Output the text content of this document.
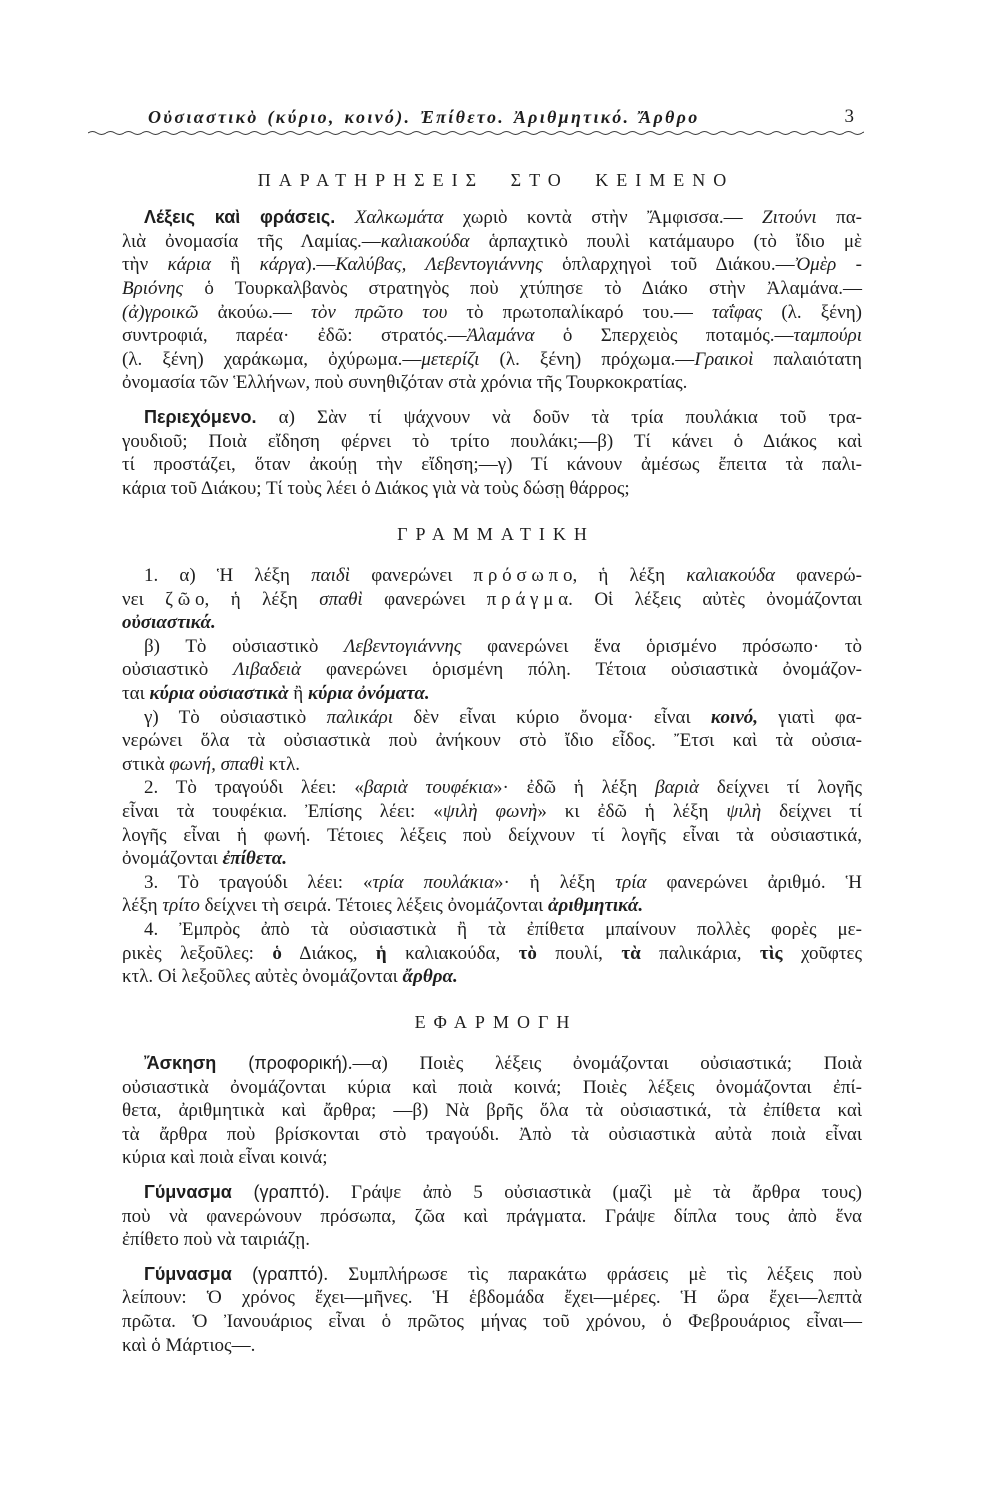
Οὐσιαστικὸ (κύριο, κοινό). Ἐπίθετο. Ἀριθμητικό. Ἄρθρο	3
ΠΑΡΑΤΗΡΗΣΕΙΣ ΣΤΟ ΚΕΙΜΕΝΟ
Λέξεις καὶ φράσεις. Χαλκωμάτα χωριὸ κοντὰ στὴν Ἄμφισσα.— Ζιτούνι πα-
λιὰ ὀνομασία τῆς Λαμίας.—καλιακούδα ἁρπαχτικὸ πουλὶ κατάμαυρο (τὸ ἴδιο μὲ
τὴν κάρια ἢ κάργα).—Καλύβας, Λεβεντογιάννης ὁπλαρχηγοὶ τοῦ Διάκου.—Ὀμὲρ -
Βριόνης ὁ Τουρκαλβανὸς στρατηγὸς ποὺ χτύπησε τὸ Διάκο στὴν Ἀλαμάνα.—
(ἀ)γροικῶ ἀκούω.— τὸν πρῶτο του τὸ πρωτοπαλίκαρό του.— ταΐφας (λ. ξένη)
συντροφιά, παρέα· ἐδῶ: στρατός.—Ἀλαμάνα ὁ Σπερχειὸς ποταμός.—ταμπούρι
(λ. ξένη) χαράκωμα, ὀχύρωμα.—μετερίζι (λ. ξένη) πρόχωμα.—Γραικοὶ παλαιότατη
ὀνομασία τῶν Ἑλλήνων, ποὺ συνηθιζόταν στὰ χρόνια τῆς Τουρκοκρατίας.
Περιεχόμενο. α) Σὰν τί ψάχνουν νὰ δοῦν τὰ τρία πουλάκια τοῦ τρα-
γουδιοῦ; Ποιὰ εἴδηση φέρνει τὸ τρίτο πουλάκι;—β) Τί κάνει ὁ Διάκος καὶ
τί προστάζει, ὅταν ἀκούῃ τὴν εἴδηση;—γ) Τί κάνουν ἀμέσως ἔπειτα τὰ παλι-
κάρια τοῦ Διάκου; Τί τοὺς λέει ὁ Διάκος γιὰ νὰ τοὺς δώσῃ θάρρος;
ΓΡΑΜΜΑΤΙΚΗ
1. α) Ἡ λέξη παιδὶ φανερώνει π ρ ό σ ω π ο, ἡ λέξη καλιακούδα φανερώ-
νει ζ ῶ ο, ἡ λέξη σπαθὶ φανερώνει π ρ ά γ μ α. Οἱ λέξεις αὐτὲς ὀνομάζονται
οὐσιαστικά.
β) Τὸ οὐσιαστικὸ Λεβεντογιάννης φανερώνει ἕνα ὁρισμένο πρόσωπο· τὸ
οὐσιαστικὸ Λιβαδειὰ φανερώνει ὁρισμένη πόλη. Τέτοια οὐσιαστικὰ ὀνομάζον-
ται κύρια οὐσιαστικὰ ἢ κύρια ὀνόματα.
γ) Τὸ οὐσιαστικὸ παλικάρι δὲν εἶναι κύριο ὄνομα· εἶναι κοινό, γιατὶ φα-
νερώνει ὅλα τὰ οὐσιαστικὰ ποὺ ἀνήκουν στὸ ἴδιο εἶδος. Ἔτσι καὶ τὰ οὐσια-
στικὰ φωνή, σπαθὶ κτλ.
2. Τὸ τραγούδι λέει: «βαριὰ τουφέκια»· ἐδῶ ἡ λέξη βαριὰ δείχνει τί λογῆς
εἶναι τὰ τουφέκια. Ἐπίσης λέει: «ψιλὴ φωνὴ» κι ἐδῶ ἡ λέξη ψιλὴ δείχνει τί
λογῆς εἶναι ἡ φωνή. Τέτοιες λέξεις ποὺ δείχνουν τί λογῆς εἶναι τὰ οὐσιαστικά,
ὀνομάζονται ἐπίθετα.
3. Τὸ τραγούδι λέει: «τρία πουλάκια»· ἡ λέξη τρία φανερώνει ἀριθμό. Ἡ
λέξη τρίτο δείχνει τὴ σειρά. Τέτοιες λέξεις ὀνομάζονται ἀριθμητικά.
4. Ἐμπρὸς ἀπὸ τὰ οὐσιαστικὰ ἢ τὰ ἐπίθετα μπαίνουν πολλὲς φορὲς με-
ρικὲς λεξοῦλες: ὁ Διάκος, ἡ καλιακούδα, τὸ πουλί, τὰ παλικάρια, τὶς χοῦφτες
κτλ. Οἱ λεξοῦλες αὐτὲς ὀνομάζονται ἄρθρα.
ΕΦΑΡΜΟΓΗ
Ἄσκηση (προφορική).—α) Ποιὲς λέξεις ὀνομάζονται οὐσιαστικά; Ποιὰ
οὐσιαστικὰ ὀνομάζονται κύρια καὶ ποιὰ κοινά; Ποιὲς λέξεις ὀνομάζονται ἐπί-
θετα, ἀριθμητικὰ καὶ ἄρθρα; —β) Νὰ βρῆς ὅλα τὰ οὐσιαστικά, τὰ ἐπίθετα καὶ
τὰ ἄρθρα ποὺ βρίσκονται στὸ τραγούδι. Ἀπὸ τὰ οὐσιαστικὰ αὐτὰ ποιὰ εἶναι
κύρια καὶ ποιὰ εἶναι κοινά;
Γύμνασμα (γραπτό). Γράψε ἀπὸ 5 οὐσιαστικὰ (μαζὶ μὲ τὰ ἄρθρα τους)
ποὺ νὰ φανερώνουν πρόσωπα, ζῶα καὶ πράγματα. Γράψε δίπλα τους ἀπὸ ἕνα
ἐπίθετο ποὺ νὰ ταιριάζῃ.
Γύμνασμα (γραπτό). Συμπλήρωσε τὶς παρακάτω φράσεις μὲ τὶς λέξεις ποὺ
λείπουν: Ὁ χρόνος ἔχει—μῆνες. Ἡ ἑβδομάδα ἔχει—μέρες. Ἡ ὥρα ἔχει—λεπτὰ
πρῶτα. Ὁ Ἰανουάριος εἶναι ὁ πρῶτος μήνας τοῦ χρόνου, ὁ Φεβρουάριος εἶναι—
καὶ ὁ Μάρτιος—.
